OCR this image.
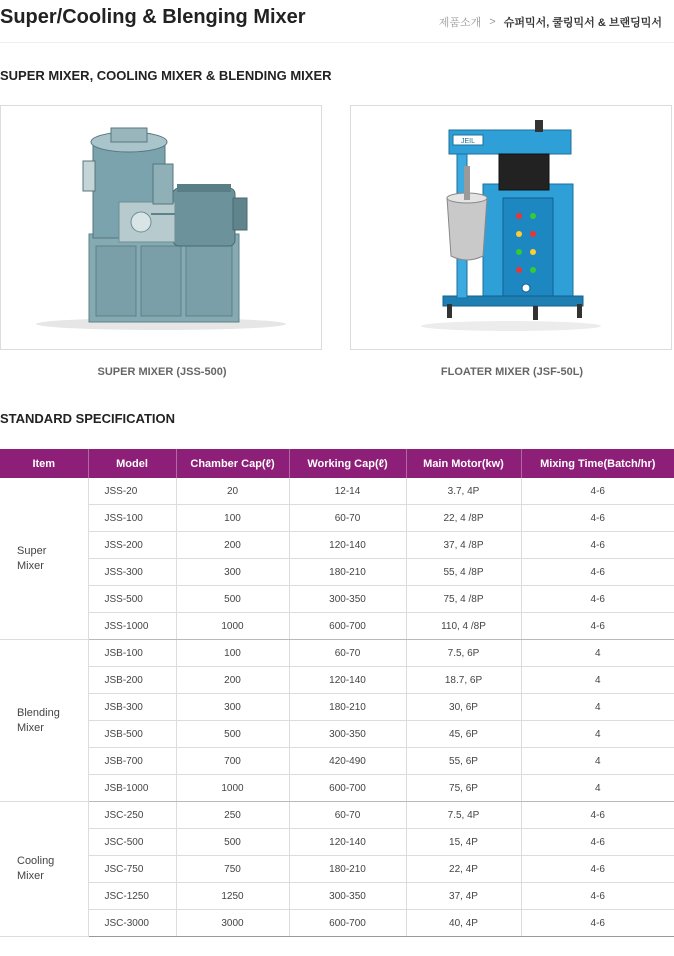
Super/Cooling & Blenging Mixer	제품소개 > 슈퍼믹서, 쿨링믹서 & 브랜딩믹서
SUPER MIXER, COOLING MIXER & BLENDING MIXER
JEIL
SUPER MIXER (JSS-500)	FLOATER MIXER (JSF-50L)
STANDARD SPECIFICATION
Item	Model	Chamber Cap(ℓ)	Working Cap(ℓ)	Main Motor(kw)	Mixing Time(Batch/hr)

Super
Mixer	JSS-20	20	12-14	3.7, 4P	4-6
	JSS-100	100	60-70	22, 4 /8P	4-6
	JSS-200	200	120-140	37, 4 /8P	4-6
	JSS-300	300	180-210	55, 4 /8P	4-6
	JSS-500	500	300-350	75, 4 /8P	4-6
	JSS-1000	1000	600-700	110, 4 /8P	4-6

Blending
Mixer	JSB-100	100	60-70	7.5, 6P	4
	JSB-200	200	120-140	18.7, 6P	4
	JSB-300	300	180-210	30, 6P	4
	JSB-500	500	300-350	45, 6P	4
	JSB-700	700	420-490	55, 6P	4
	JSB-1000	1000	600-700	75, 6P	4

Cooling
Mixer	JSC-250	250	60-70	7.5, 4P	4-6
	JSC-500	500	120-140	15, 4P	4-6
	JSC-750	750	180-210	22, 4P	4-6
	JSC-1250	1250	300-350	37, 4P	4-6
	JSC-3000	3000	600-700	40, 4P	4-6
